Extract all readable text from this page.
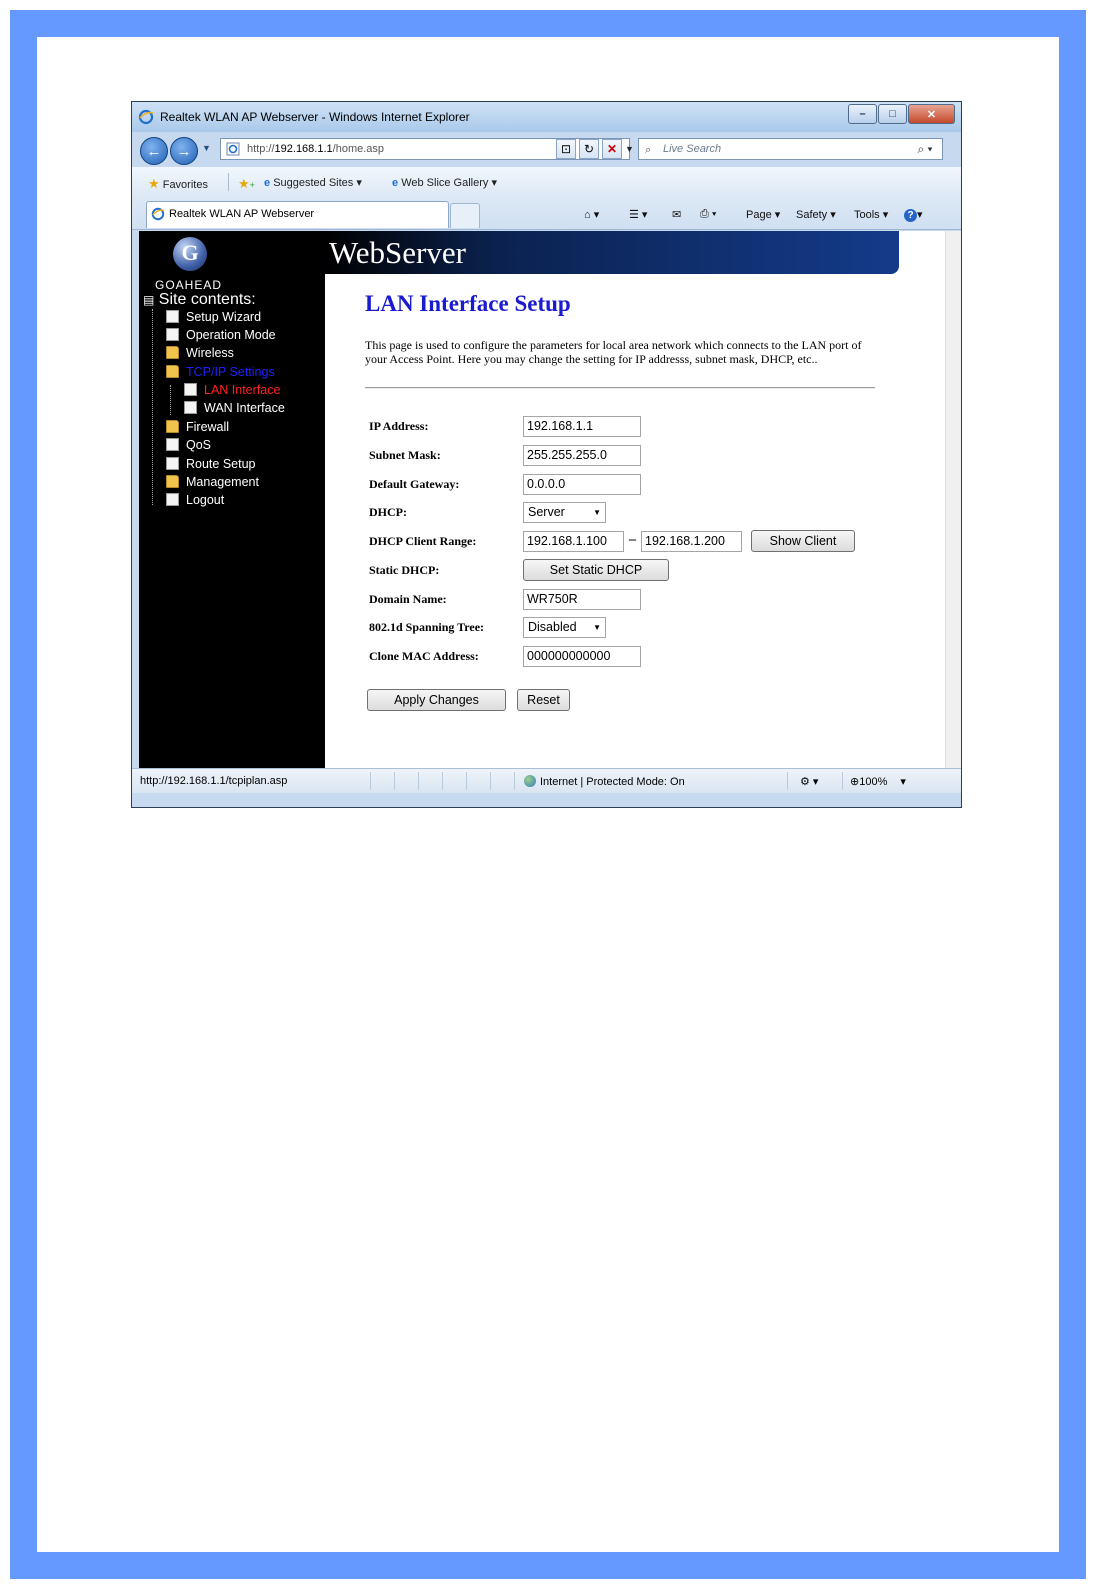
Realtek WLAN AP Webserver - Windows Internet Explorer	–	□	✕
←	→	▼	http://192.168.1.1/home.asp	▼
⊡	↻	✕	⌕ Live Search	⌕ ▾
★ Favorites ★+ e Suggested Sites ▾	e Web Slice Gallery ▾
Realtek WLAN AP Webserver	⌂ ▾	☰ ▾ ✉ ⎙ ▾	Page ▾ Safety ▾ Tools ▾	? ▾
WebServer
G
GOAHEAD
▤ Site contents:
Setup Wizard
Operation Mode
Wireless
TCP/IP Settings
LAN Interface
WAN Interface
Firewall
QoS
Route Setup
Management
Logout
LAN Interface Setup
This page is used to configure the parameters for local area network which connects to the LAN port of your Access Point. Here you may change the setting for IP addresss, subnet mask, DHCP, etc..
IP Address:	192.168.1.1
Subnet Mask:	255.255.255.0
Default Gateway:	0.0.0.0
DHCP:	Server	▼
DHCP Client Range:	192.168.1.100	– 192.168.1.200	Show Client
Static DHCP:	Set Static DHCP
Domain Name:	WR750R
802.1d Spanning Tree:	Disabled ▼
Clone MAC Address:	000000000000
Apply Changes	Reset
http://192.168.1.1/tcpiplan.asp	Internet | Protected Mode: On	⚙ ▾	⊕100% ▾
